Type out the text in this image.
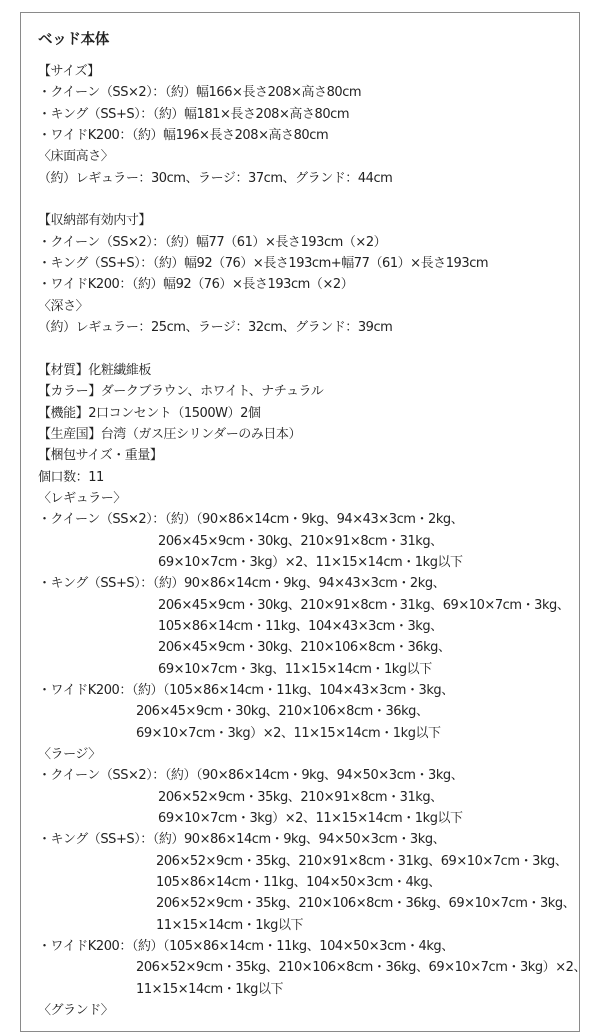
ベッド本体
【サイズ】
・クイーン（SS×2）：（約）幅166×長さ208×高さ80cm
・キング（SS+S）：（約）幅181×長さ208×高さ80cm
・ワイドK200：（約）幅196×長さ208×高さ80cm
〈床面高さ〉
（約）レギュラー：30cm、ラージ：37cm、グランド：44cm
【収納部有効内寸】
・クイーン（SS×2）：（約）幅77（61）×長さ193cm（×2）
・キング（SS+S）：（約）幅92（76）×長さ193cm+幅77（61）×長さ193cm
・ワイドK200：（約）幅92（76）×長さ193cm（×2）
〈深さ〉
（約）レギュラー：25cm、ラージ：32cm、グランド：39cm
【材質】化粧繊維板
【カラー】ダークブラウン、ホワイト、ナチュラル
【機能】2口コンセント（1500W）2個
【生産国】台湾（ガス圧シリンダーのみ日本）
【梱包サイズ・重量】
個口数：11
〈レギュラー〉
・クイーン（SS×2）：（約）（90×86×14cm・9kg、94×43×3cm・2kg、
206×45×9cm・30kg、210×91×8cm・31kg、
69×10×7cm・3kg）×2、11×15×14cm・1kg以下
・キング（SS+S）：（約）90×86×14cm・9kg、94×43×3cm・2kg、
206×45×9cm・30kg、210×91×8cm・31kg、69×10×7cm・3kg、
105×86×14cm・11kg、104×43×3cm・3kg、
206×45×9cm・30kg、210×106×8cm・36kg、
69×10×7cm・3kg、11×15×14cm・1kg以下
・ワイドK200：（約）（105×86×14cm・11kg、104×43×3cm・3kg、
206×45×9cm・30kg、210×106×8cm・36kg、
69×10×7cm・3kg）×2、11×15×14cm・1kg以下
〈ラージ〉
・クイーン（SS×2）：（約）（90×86×14cm・9kg、94×50×3cm・3kg、
206×52×9cm・35kg、210×91×8cm・31kg、
69×10×7cm・3kg）×2、11×15×14cm・1kg以下
・キング（SS+S）：（約）90×86×14cm・9kg、94×50×3cm・3kg、
206×52×9cm・35kg、210×91×8cm・31kg、69×10×7cm・3kg、
105×86×14cm・11kg、104×50×3cm・4kg、
206×52×9cm・35kg、210×106×8cm・36kg、69×10×7cm・3kg、
11×15×14cm・1kg以下
・ワイドK200：（約）（105×86×14cm・11kg、104×50×3cm・4kg、
206×52×9cm・35kg、210×106×8cm・36kg、69×10×7cm・3kg）×2、
11×15×14cm・1kg以下
〈グランド〉
